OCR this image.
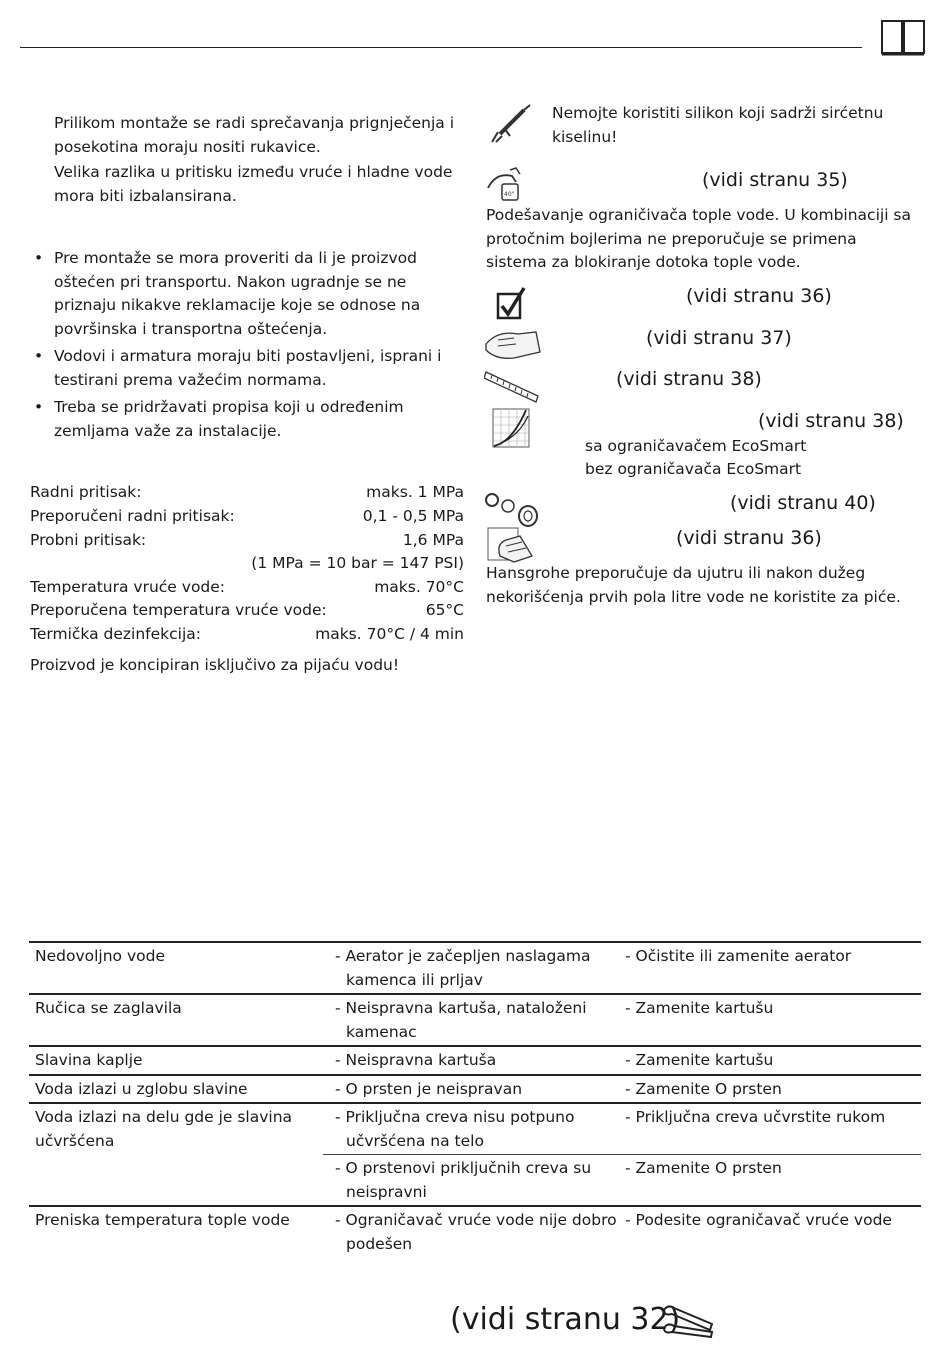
Prilikom montaže se radi sprečavanja prignječenja i posekotina moraju nositi rukavice.
Velika razlika u pritisku između vruće i hladne vode mora biti izbalansirana.
• Pre montaže se mora proveriti da li je proizvod oštećen pri transportu. Nakon ugradnje se ne priznaju nikakve reklamacije koje se odnose na površinska i transportna oštećenja.
• Vodovi i armatura moraju biti postavljeni, isprani i testirani prema važećim normama.
• Treba se pridržavati propisa koji u određenim zemljama važe za instalacije.
Radni pritisak:	maks. 1 MPa
Preporučeni radni pritisak:	0,1 - 0,5 MPa
Probni pritisak:	1,6 MPa
(1 MPa = 10 bar = 147 PSI)
Temperatura vruće vode:	maks. 70°C
Preporučena temperatura vruće vode:	65°C
Termička dezinfekcija:	maks. 70°C / 4 min
Proizvod je koncipiran isključivo za pijaću vodu!
Nemojte koristiti silikon koji sadrži sirćetnu kiselinu!
40°
(vidi stranu 35)
Podešavanje ograničivača tople vode. U kombinaciji sa protočnim bojlerima ne preporučuje se primena sistema za blokiranje dotoka tople vode.
(vidi stranu 36)
(vidi stranu 37)
(vidi stranu 38)
(vidi stranu 38)
sa ograničavačem EcoSmart
bez ograničavača EcoSmart
(vidi stranu 40)
(vidi stranu 36)
Hansgrohe preporučuje da ujutru ili nakon dužeg nekorišćenja prvih pola litre vode ne koristite za piće.
Nedovoljno vode	- Aerator je začepljen naslagama kamenca ili prljav	- Očistite ili zamenite aerator

Ručica se zaglavila	- Neispravna kartuša, nataloženi kamenac	- Zamenite kartušu

Slavina kaplje	- Neispravna kartuša	- Zamenite kartušu

Voda izlazi u zglobu slavine	- O prsten je neispravan	- Zamenite O prsten

Voda izlazi na delu gde je slavina učvršćena	- Priključna creva nisu potpuno učvršćena na telo	- Priključna creva učvrstite rukom

	- O prstenovi priključnih creva su neispravni	- Zamenite O prsten

Preniska temperatura tople vode	- Ograničavač vruće vode nije dobro podešen	- Podesite ograničavač vruće vode
(vidi stranu 32)
